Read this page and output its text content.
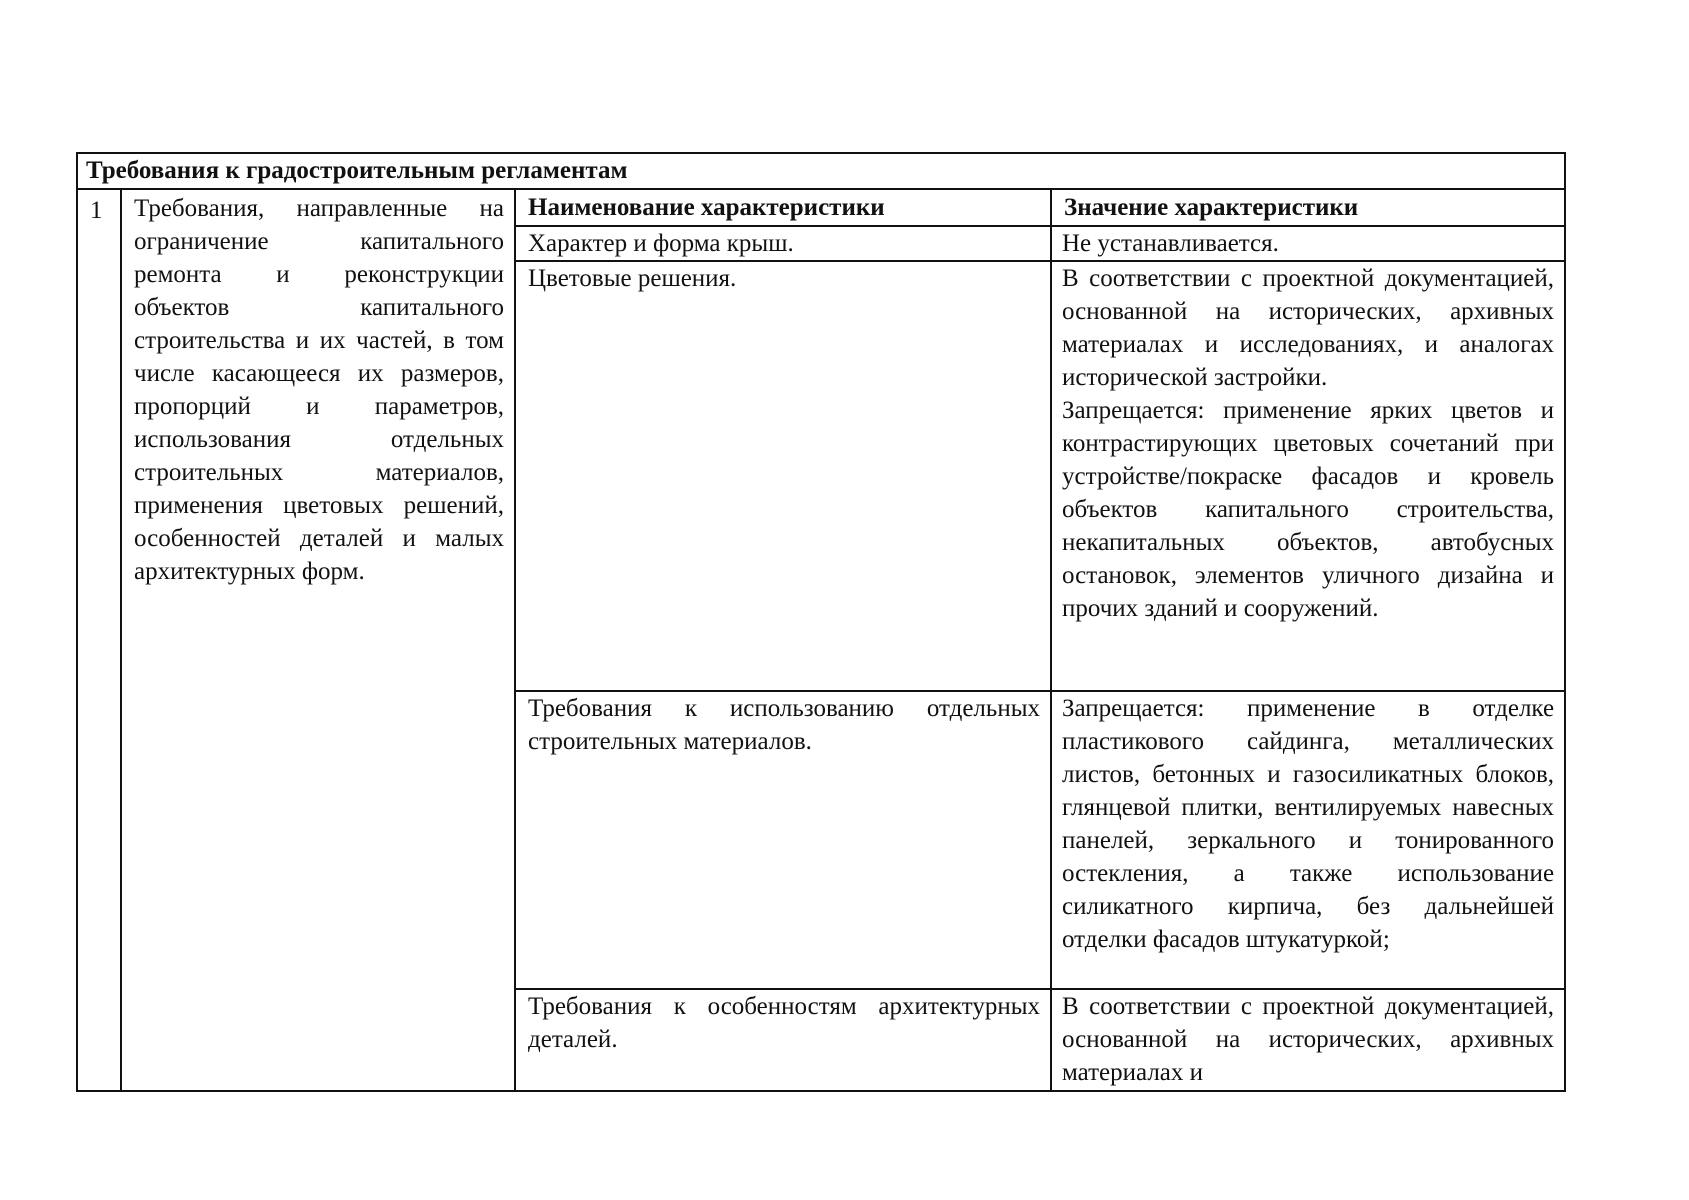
Требования к градостроительным регламентам			
1	Требования, направленные на ограничение капитального ремонта и реконструкции объектов капитального строительства и их частей, в том числе касающееся их размеров, пропорций и параметров, использования отдельных строительных материалов, применения цветовых решений, особенностей деталей и малых архитектурных форм.	Наименование характеристики	Значение характеристики
		Характер и форма крыш.	Не устанавливается.

		Цветовые решения.	В соответствии с проектной документацией, основанной на исторических, архивных материалах и исследованиях, и аналогах исторической застройки.
Запрещается: применение ярких цветов и контрастирующих цветовых сочетаний при устройстве/покраске фасадов и кровель объектов капитального строительства, некапитальных объектов, автобусных остановок, элементов уличного дизайна и прочих зданий и сооружений.

		Требования к использованию отдельных строительных материалов.	Запрещается: применение в отделке пластикового сайдинга, металлических листов, бетонных и газосиликатных блоков, глянцевой плитки, вентилируемых навесных панелей, зеркального и тонированного остекления, а также использование силикатного кирпича, без дальнейшей отделки фасадов штукатуркой;

		Требования к особенностям архитектурных деталей.	В соответствии с проектной документацией, основанной на исторических, архивных материалах и
